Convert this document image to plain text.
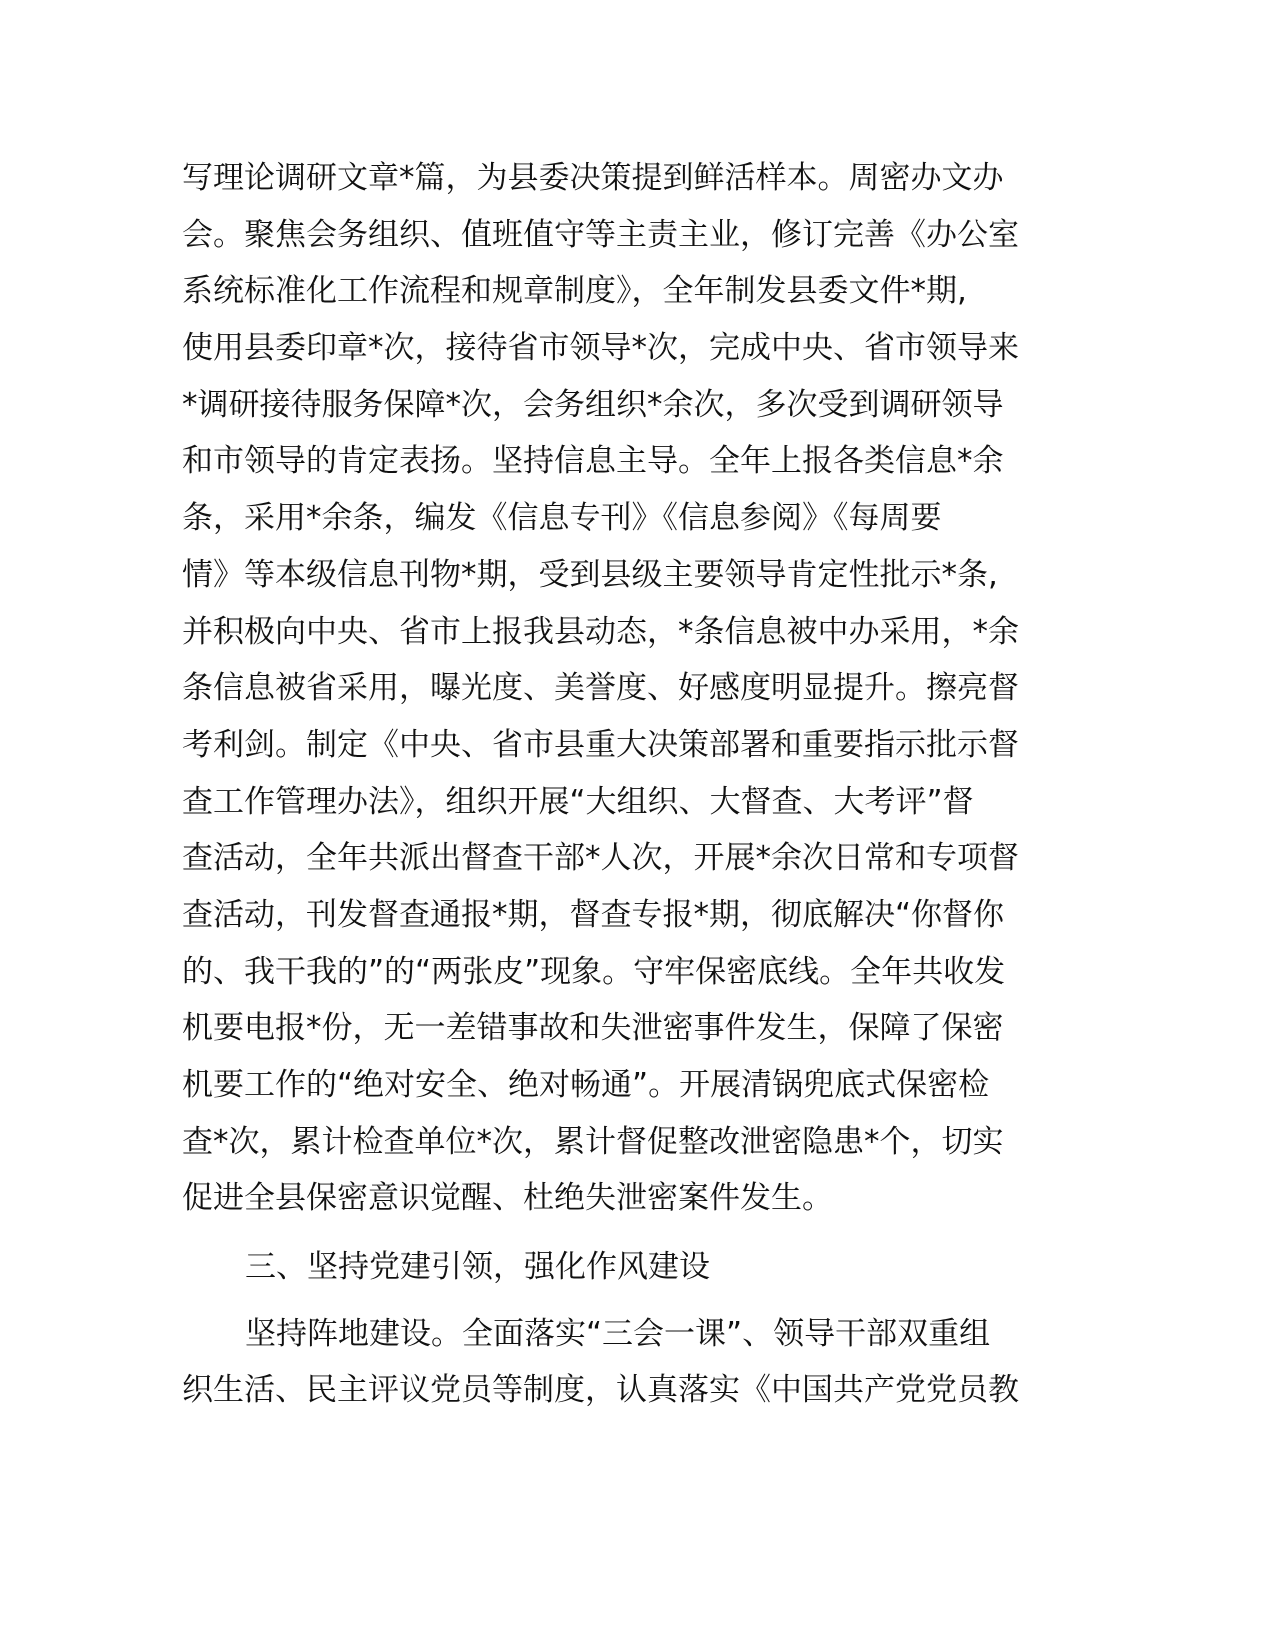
写理论调研文章*篇，为县委决策提到鲜活样本。周密办文办
会。聚焦会务组织、值班值守等主责主业，修订完善《办公室
系统标准化工作流程和规章制度》，全年制发县委文件*期,
使用县委印章*次，接待省市领导*次，完成中央、省市领导来
*调研接待服务保障*次，会务组织*余次，多次受到调研领导
和市领导的肯定表扬。坚持信息主导。全年上报各类信息*余
条，采用*余条，编发《信息专刊》《信息参阅》《每周要
情》等本级信息刊物*期，受到县级主要领导肯定性批示*条,
并积极向中央、省市上报我县动态，*条信息被中办采用，*余
条信息被省采用，曝光度、美誉度、好感度明显提升。擦亮督
考利剑。制定《中央、省市县重大决策部署和重要指示批示督
查工作管理办法》，组织开展“大组织、大督查、大考评”督
查活动，全年共派出督查干部*人次，开展*余次日常和专项督
查活动，刊发督查通报*期，督查专报*期，彻底解决“你督你
的、我干我的”的“两张皮”现象。守牢保密底线。全年共收发
机要电报*份，无一差错事故和失泄密事件发生，保障了保密
机要工作的“绝对安全、绝对畅通”。开展清锅兜底式保密检
查*次，累计检查单位*次，累计督促整改泄密隐患*个，切实
促进全县保密意识觉醒、杜绝失泄密案件发生。
三、坚持党建引领，强化作风建设
坚持阵地建设。全面落实“三会一课”、领导干部双重组
织生活、民主评议党员等制度，认真落实《中国共产党党员教
